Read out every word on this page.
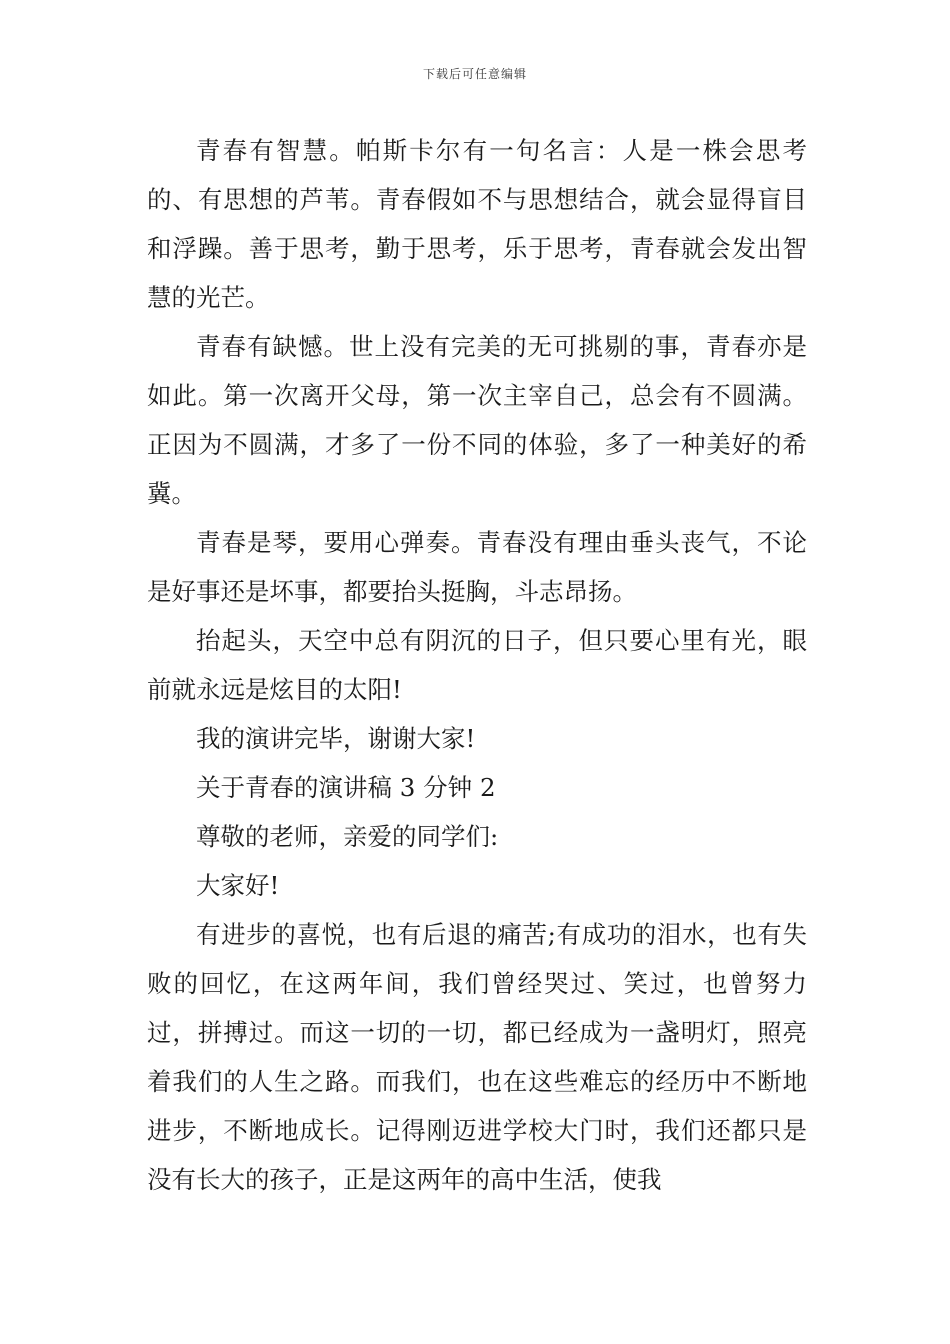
下载后可任意编辑

青春有智慧。帕斯卡尔有一句名言：人是一株会思考的、有思想的芦苇。青春假如不与思想结合，就会显得盲目和浮躁。善于思考，勤于思考，乐于思考，青春就会发出智慧的光芒。

青春有缺憾。世上没有完美的无可挑剔的事，青春亦是如此。第一次离开父母，第一次主宰自己，总会有不圆满。正因为不圆满，才多了一份不同的体验，多了一种美好的希冀。

青春是琴，要用心弹奏。青春没有理由垂头丧气，不论是好事还是坏事，都要抬头挺胸，斗志昂扬。

抬起头，天空中总有阴沉的日子，但只要心里有光，眼前就永远是炫目的太阳!

我的演讲完毕，谢谢大家!

关于青春的演讲稿 3 分钟 2

尊敬的老师，亲爱的同学们:

大家好!

有进步的喜悦，也有后退的痛苦;有成功的泪水，也有失败的回忆，在这两年间，我们曾经哭过、笑过，也曾努力过，拼搏过。而这一切的一切，都已经成为一盏明灯，照亮着我们的人生之路。而我们，也在这些难忘的经历中不断地进步，不断地成长。记得刚迈进学校大门时，我们还都只是没有长大的孩子，正是这两年的高中生活，使我
